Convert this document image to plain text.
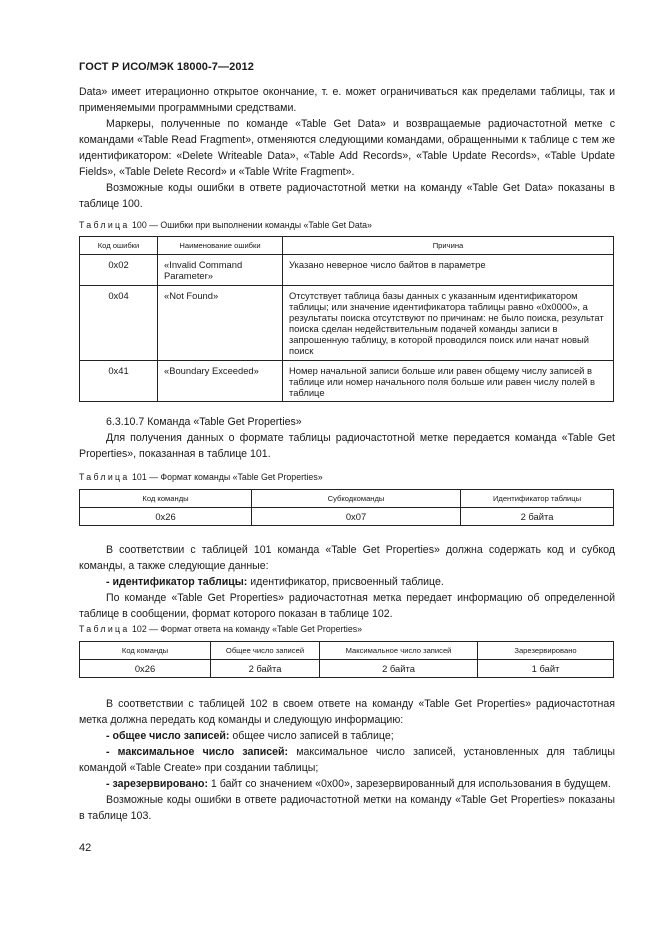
ГОСТ Р ИСО/МЭК 18000-7—2012

Data» имеет итерационно открытое окончание, т. е. может ограничиваться как пределами таблицы, так и применяемыми программными средствами.

Маркеры, полученные по команде «Table Get Data» и возвращаемые радиочастотной метке с командами «Table Read Fragment», отменяются следующими командами, обращенными к таблице с тем же идентификатором: «Delete Writeable Data», «Table Add Records», «Table Update Records», «Table Update Fields», «Table Delete Record» и «Table Write Fragment».

Возможные коды ошибки в ответе радиочастотной метки на команду «Table Get Data» показаны в таблице 100.

Таблица 100 — Ошибки при выполнении команды «Table Get Data»
Код ошибки	Наименование ошибки	Причина
0x02	«Invalid Command Parameter»	Указано неверное число байтов в параметре
0x04	«Not Found»	Отсутствует таблица базы данных с указанным идентификатором таблицы; или значение идентификатора таблицы равно «0x0000», а результаты поиска отсутствуют по причинам: не было поиска, результат поиска сделан недействительным подачей команды записи в запрошенную таблицу, в которой проводился поиск или начат новый поиск
0x41	«Boundary Exceeded»	Номер начальной записи больше или равен общему числу записей в таблице или номер начального поля больше или равен числу полей в таблице

6.3.10.7 Команда «Table Get Properties»

Для получения данных о формате таблицы радиочастотной метке передается команда «Table Get Properties», показанная в таблице 101.

Таблица 101 — Формат команды «Table Get Properties»
Код команды	Субкодкоманды	Идентификатор таблицы
0x26	0x07	2 байта

В соответствии с таблицей 101 команда «Table Get Properties» должна содержать код и субкод команды, а также следующие данные:

- идентификатор таблицы: идентификатор, присвоенный таблице.

По команде «Table Get Properties» радиочастотная метка передает информацию об определенной таблице в сообщении, формат которого показан в таблице 102.

Таблица 102 — Формат ответа на команду «Table Get Properties»
Код команды	Общее число записей	Максимальное число записей	Зарезервировано
0x26	2 байта	2 байта	1 байт

В соответствии с таблицей 102 в своем ответе на команду «Table Get Properties» радиочастотная метка должна передать код команды и следующую информацию:

- общее число записей: общее число записей в таблице;

- максимальное число записей: максимальное число записей, установленных для таблицы командой «Table Create» при создании таблицы;

- зарезервировано: 1 байт со значением «0x00», зарезервированный для использования в будущем.

Возможные коды ошибки в ответе радиочастотной метки на команду «Table Get Properties» показаны в таблице 103.

42
